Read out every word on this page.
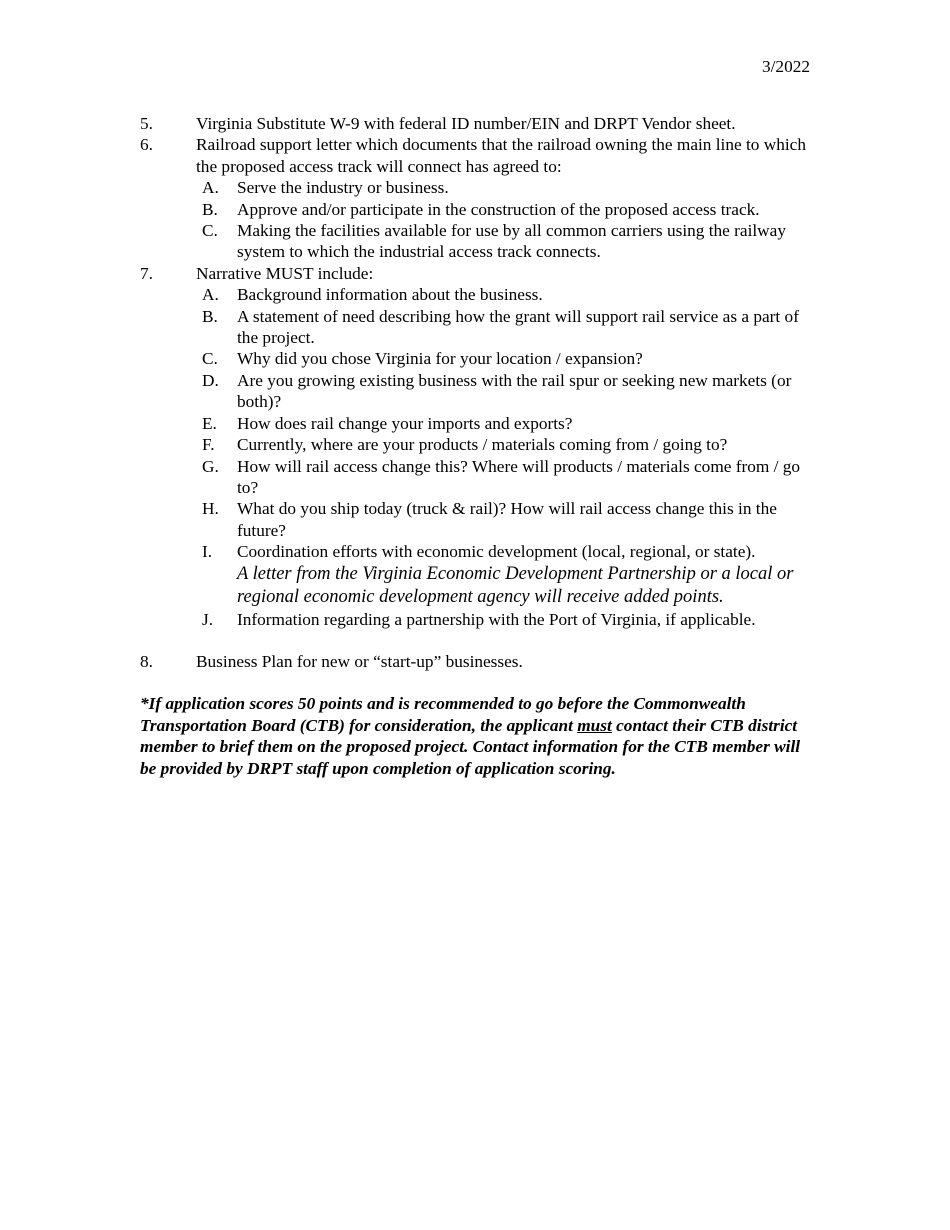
3/2022
5.	Virginia Substitute W-9 with federal ID number/EIN and DRPT Vendor sheet.
6.	Railroad support letter which documents that the railroad owning the main line to which the proposed access track will connect has agreed to:
A.	Serve the industry or business.
B.	Approve and/or participate in the construction of the proposed access track.
C.	Making the facilities available for use by all common carriers using the railway system to which the industrial access track connects.
7.	Narrative MUST include:
A.	Background information about the business.
B.	A statement of need describing how the grant will support rail service as a part of the project.
C.	Why did you chose Virginia for your location / expansion?
D.	Are you growing existing business with the rail spur or seeking new markets (or both)?
E.	How does rail change your imports and exports?
F.	Currently, where are your products / materials coming from / going to?
G.	How will rail access change this? Where will products / materials come from / go to?
H.	What do you ship today (truck & rail)? How will rail access change this in the future?
I.	Coordination efforts with economic development (local, regional, or state).
A letter from the Virginia Economic Development Partnership or a local or regional economic development agency will receive added points.
J.	Information regarding a partnership with the Port of Virginia, if applicable.
8.	Business Plan for new or “start-up” businesses.
*If application scores 50 points and is recommended to go before the Commonwealth Transportation Board (CTB) for consideration, the applicant must contact their CTB district member to brief them on the proposed project. Contact information for the CTB member will be provided by DRPT staff upon completion of application scoring.
